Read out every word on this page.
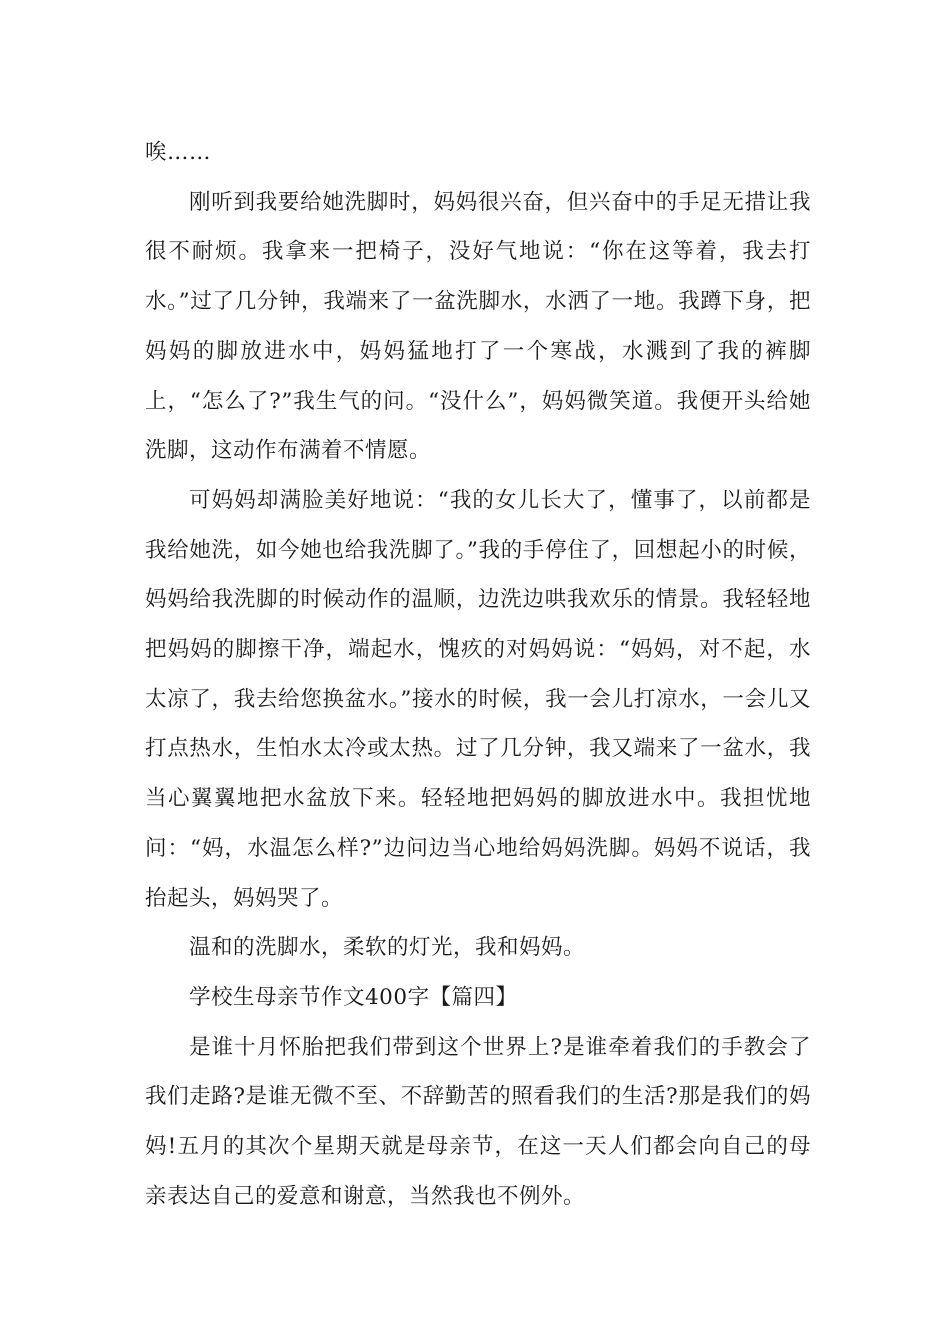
唉……

刚听到我要给她洗脚时，妈妈很兴奋，但兴奋中的手足无措让我很不耐烦。我拿来一把椅子，没好气地说：“你在这等着，我去打水。”过了几分钟，我端来了一盆洗脚水，水洒了一地。我蹲下身，把妈妈的脚放进水中，妈妈猛地打了一个寒战，水溅到了我的裤脚上，“怎么了?”我生气的问。“没什么”，妈妈微笑道。我便开头给她洗脚，这动作布满着不情愿。

可妈妈却满脸美好地说：“我的女儿长大了，懂事了，以前都是我给她洗，如今她也给我洗脚了。”我的手停住了，回想起小的时候，妈妈给我洗脚的时候动作的温顺，边洗边哄我欢乐的情景。我轻轻地把妈妈的脚擦干净，端起水，愧疚的对妈妈说：“妈妈，对不起，水太凉了，我去给您换盆水。”接水的时候，我一会儿打凉水，一会儿又打点热水，生怕水太冷或太热。过了几分钟，我又端来了一盆水，我当心翼翼地把水盆放下来。轻轻地把妈妈的脚放进水中。我担忧地问：“妈，水温怎么样?”边问边当心地给妈妈洗脚。妈妈不说话，我抬起头，妈妈哭了。

温和的洗脚水，柔软的灯光，我和妈妈。

学校生母亲节作文400字【篇四】

是谁十月怀胎把我们带到这个世界上?是谁牵着我们的手教会了我们走路?是谁无微不至、不辞勤苦的照看我们的生活?那是我们的妈妈!五月的其次个星期天就是母亲节，在这一天人们都会向自己的母亲表达自己的爱意和谢意，当然我也不例外。
